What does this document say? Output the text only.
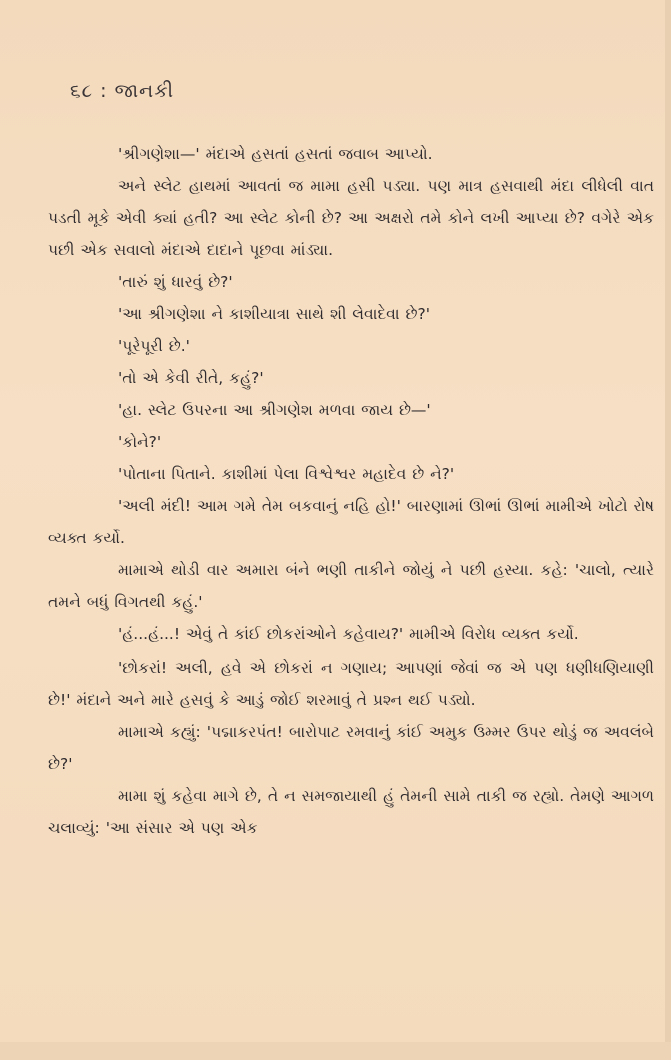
૬૮ : જાનકી

'શ્રીગણેશા—' મંદાએ હસતાં હસતાં જવાબ આપ્યો.

અને સ્લેટ હાથમાં આવતાં જ મામા હસી પડ્યા. પણ માત્ર હસવાથી મંદા લીધેલી વાત પડતી મૂકે એવી ક્યાં હતી? આ સ્લેટ કોની છે? આ અક્ષરો તમે કોને લખી આપ્યા છે? વગેરે એક પછી એક સવાલો મંદાએ દાદાને પૂછવા માંડ્યા.

'તારું શું ધારવું છે?'

'આ શ્રીગણેશા ને કાશીયાત્રા સાથે શી લેવાદેવા છે?'

'પૂરેપૂરી છે.'

'તો એ કેવી રીતે, કહું?'

'હા. સ્લેટ ઉપરના આ શ્રીગણેશ મળવા જાય છે—'

'કોને?'

'પોતાના પિતાને. કાશીમાં પેલા વિશ્વેશ્વર મહાદેવ છે ને?'

'અલી મંદી! આમ ગમે તેમ બકવાનું નહિ હો!' બારણામાં ઊભાં ઊભાં મામીએ ખોટો રોષ વ્યક્ત કર્યો.

મામાએ થોડી વાર અમારા બંને ભણી તાકીને જોયું ને પછી હસ્યા. કહે: 'ચાલો, ત્યારે તમને બધું વિગતથી કહું.'

'હં...હં...! એવું તે કાંઈ છોકરાંઓને કહેવાય?' મામીએ વિરોધ વ્યક્ત કર્યો.

'છોકરાં! અલી, હવે એ છોકરાં ન ગણાય; આપણાં જેવાં જ એ પણ ધણીધણિયાણી છે!' મંદાને અને મારે હસવું કે આડું જોઈ શરમાવું તે પ્રશ્ન થઈ પડ્યો.

મામાએ કહ્યું: 'પદ્માકરપંત! બારોપાટ રમવાનું કાંઈ અમુક ઉમ્મર ઉપર થોડું જ અવલંબે છે?'

મામા શું કહેવા માગે છે, તે ન સમજાયાથી હું તેમની સામે તાકી જ રહ્યો. તેમણે આગળ ચલાવ્યું: 'આ સંસાર એ પણ એક
